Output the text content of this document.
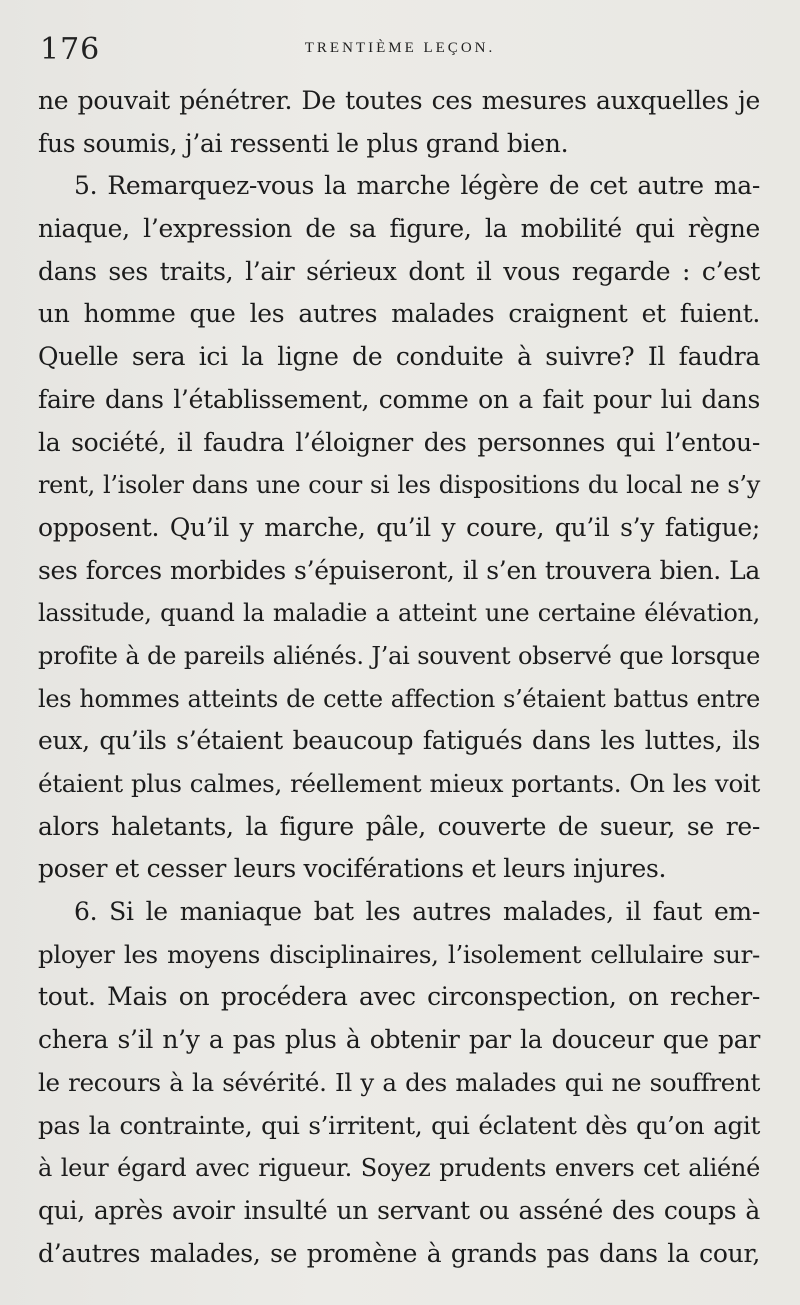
176	TRENTIÈME LEÇON.
ne pouvait pénétrer. De toutes ces mesures auxquelles je
fus soumis, j’ai ressenti le plus grand bien.
5. Remarquez-vous la marche légère de cet autre ma-
niaque, l’expression de sa figure, la mobilité qui règne
dans ses traits, l’air sérieux dont il vous regarde : c’est
un homme que les autres malades craignent et fuient.
Quelle sera ici la ligne de conduite à suivre? Il faudra
faire dans l’établissement, comme on a fait pour lui dans
la société, il faudra l’éloigner des personnes qui l’entou-
rent, l’isoler dans une cour si les dispositions du local ne s’y
opposent. Qu’il y marche, qu’il y coure, qu’il s’y fatigue;
ses forces morbides s’épuiseront, il s’en trouvera bien. La
lassitude, quand la maladie a atteint une certaine élévation,
profite à de pareils aliénés. J’ai souvent observé que lorsque
les hommes atteints de cette affection s’étaient battus entre
eux, qu’ils s’étaient beaucoup fatigués dans les luttes, ils
étaient plus calmes, réellement mieux portants. On les voit
alors haletants, la figure pâle, couverte de sueur, se re-
poser et cesser leurs vociférations et leurs injures.
6. Si le maniaque bat les autres malades, il faut em-
ployer les moyens disciplinaires, l’isolement cellulaire sur-
tout. Mais on procédera avec circonspection, on recher-
chera s’il n’y a pas plus à obtenir par la douceur que par
le recours à la sévérité. Il y a des malades qui ne souffrent
pas la contrainte, qui s’irritent, qui éclatent dès qu’on agit
à leur égard avec rigueur. Soyez prudents envers cet aliéné
qui, après avoir insulté un servant ou asséné des coups à
d’autres malades, se promène à grands pas dans la cour,
